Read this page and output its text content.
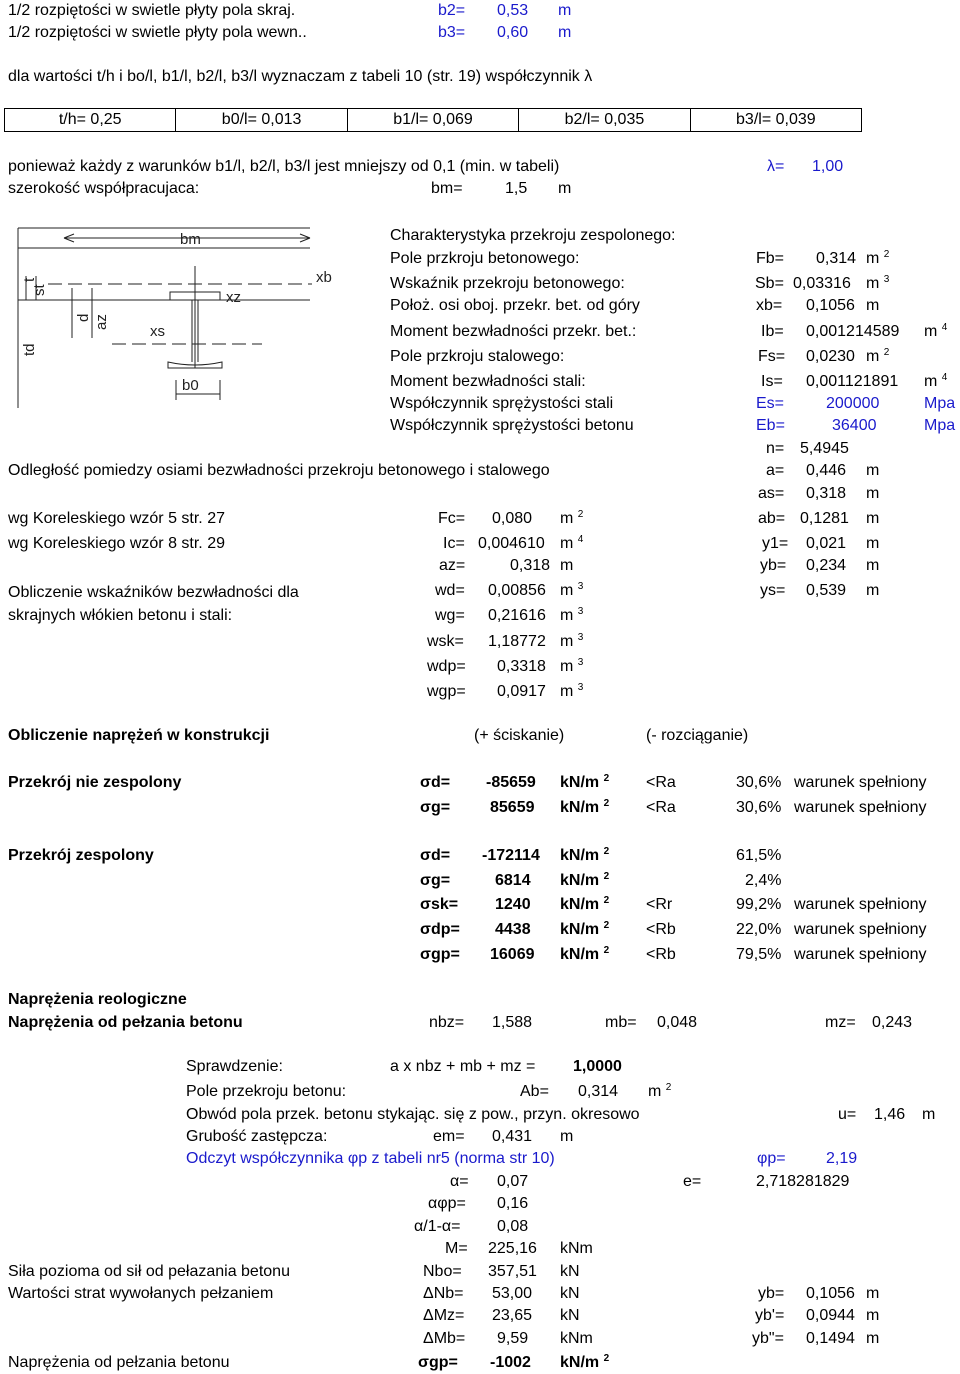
1/2 rozpiętości w swietle płyty pola skraj.	b2= 0,53 m
1/2 rozpiętości w swietle płyty pola wewn..	b3= 0,60 m
dla wartości t/h i bo/l, b1/l, b2/l, b3/l wyznaczam z tabeli 10 (str. 19) współczynnik λ
t/h= 0,25	b0/l= 0,013	b1/l= 0,069	b2/l= 0,035	b3/l= 0,039
ponieważ każdy z warunków b1/l, b2/l, b3/l jest mniejszy od 0,1 (min. w tabeli)	λ= 1,00
szerokość współpracujaca:	bm=	1,5 m
bm
xb
xz
xs
b0
t
st
td
d az
Charakterystyka przekroju zespolonego:
Pole przkroju betonowego:	Fb= 0,314 m $^2$
Wskaźnik przekroju betonowego:	Sb= 0,03316 m $^3$
Położ. osi oboj. przekr. bet. od góry	xb= 0,1056 m
Moment bezwładności przekr. bet.:	Ib= 0,001214589 m $^4$
Pole przkroju stalowego:	Fs= 0,0230 m $^2$
Moment bezwładności stali:	Is= 0,001121891 m $^4$
Współczynnik sprężystości stali	Es=	200000	Mpa
Współczynnik sprężystości betonu	Eb=	36400	Mpa
n= 5,4945
Odległość pomiedzy osiami bezwładności przekroju betonowego i stalowego	a= 0,446 m
as= 0,318 m
wg Koreleskiego wzór 5 str. 27	Fc= 0,080 m $^2$	ab= 0,1281 m
wg Koreleskiego wzór 8 str. 29	Ic= 0,004610 m $^4$	y1= 0,021 m
az=	0,318 m	yb= 0,234 m
ys= 0,539 m
Obliczenie wskaźników bezwładności dla
skrajnych włókien betonu i stali:
wd= 0,00856 m $^3$
wg= 0,21616 m $^3$
wsk= 1,18772 m $^3$
wdp= 0,3318 m $^3$
wgp= 0,0917 m $^3$
Obliczenie naprężeń w konstrukcji	(+ ściskanie)	(- rozciąganie)
Przekrój nie zespolony	σd= -85659 kN/m $^2$ <Ra	30,6% warunek spełniony
σg= 85659 kN/m $^2$ <Ra	30,6% warunek spełniony
Przekrój zespolony	σd= -172114 kN/m $^2$	61,5%
σg=	6814 kN/m $^2$	2,4%
σsk= 1240 kN/m $^2$ <Rr	99,2% warunek spełniony
σdp= 4438 kN/m $^2$ <Rb	22,0% warunek spełniony
σgp= 16069 kN/m $^2$ <Rb	79,5% warunek spełniony
Naprężenia reologiczne
Naprężenia od pełzania betonu	nbz= 1,588	mb= 0,048	mz= 0,243
Sprawdzenie:	a x nbz + mb + mz = 1,0000
Pole przekroju betonu:	Ab= 0,314 m $^2$
Obwód pola przek. betonu stykając. się z pow., przyn. okresowo	u= 1,46 m
Grubość zastępcza:	em= 0,431 m
Odczyt współczynnika φp z tabeli nr5 (norma str 10)	φp=	2,19
α= 0,07	e=	2,718281829
αφp= 0,16
α/1-α= 0,08
M= 225,16 kNm
Siła pozioma od sił od pełazania betonu	Nbo= 357,51 kN
Wartości strat wywołanych pełzaniem	ΔNb= 53,00 kN	yb= 0,1056 m
ΔMz= 23,65 kN	yb'= 0,0944 m
ΔMb= 9,59 kNm	yb"= 0,1494 m
Naprężenia od pełzania betonu	σgp= -1002 kN/m $^2$
